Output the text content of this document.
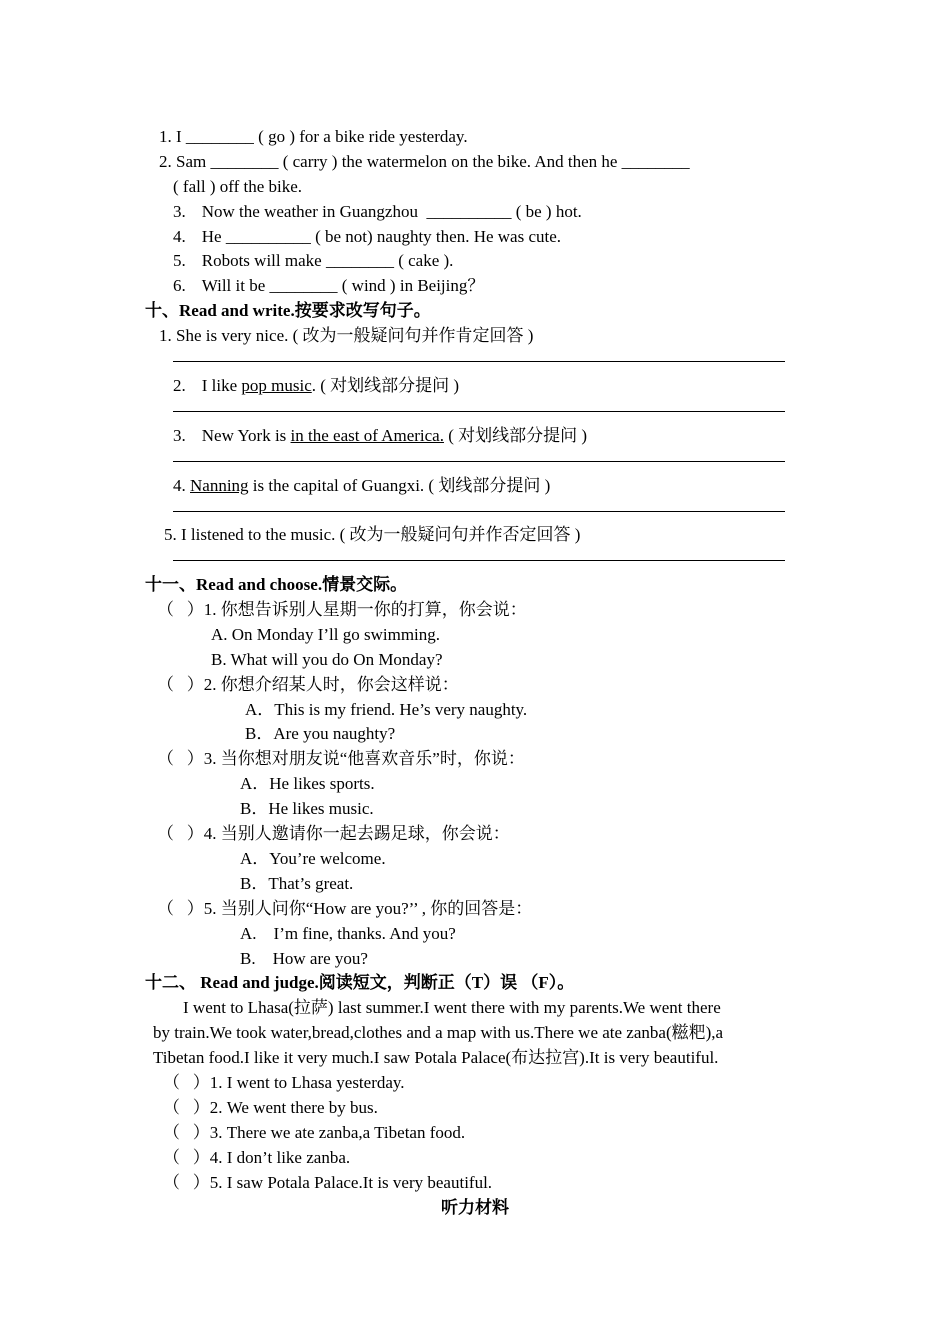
1. I ________ ( go ) for a bike ride yesterday.
2. Sam ________ ( carry ) the watermelon on the bike. And then he ________
( fall ) off the bike.
3. Now the weather in Guangzhou  __________ ( be ) hot.
4. He __________ ( be not) naughty then. He was cute.
5. Robots will make ________ ( cake ).
6. Will it be ________ ( wind ) in Beijing？
十、Read and write.按要求改写句子。
1. She is very nice. ( 改为一般疑问句并作肯定回答 )
2. I like pop music. ( 对划线部分提问 )
3. New York is in the east of America. ( 对划线部分提问 )
4. Nanning is the capital of Guangxi. ( 划线部分提问 )
5. I listened to the music. ( 改为一般疑问句并作否定回答 )
十一、Read and choose.情景交际。
（   ）1. 你想告诉别人星期一你的打算，你会说：
A. On Monday I’ll go swimming.
B. What will you do On Monday?
（   ）2. 你想介绍某人时，你会这样说：
A．This is my friend. He’s very naughty.
B．Are you naughty?
（   ）3. 当你想对朋友说“他喜欢音乐”时，你说：
A．He likes sports.
B．He likes music.
（   ）4. 当别人邀请你一起去踢足球，你会说：
A．You’re welcome.
B．That’s great.
（   ）5. 当别人问你“How are you?’’ , 你的回答是：
A.    I’m fine, thanks. And you?
B.    How are you?
十二、 Read and judge.阅读短文，判断正（T）误 （F）。
I went to Lhasa(拉萨) last summer.I went there with my parents.We went there
by train.We took water,bread,clothes and a map with us.There we ate zanba(糍粑),a
Tibetan food.I like it very much.I saw Potala Palace(布达拉宫).It is very beautiful.
（   ）1. I went to Lhasa yesterday.
（   ）2. We went there by bus.
（   ）3. There we ate zanba,a Tibetan food.
（   ）4. I don’t like zanba.
（   ）5. I saw Potala Palace.It is very beautiful.
听力材料
